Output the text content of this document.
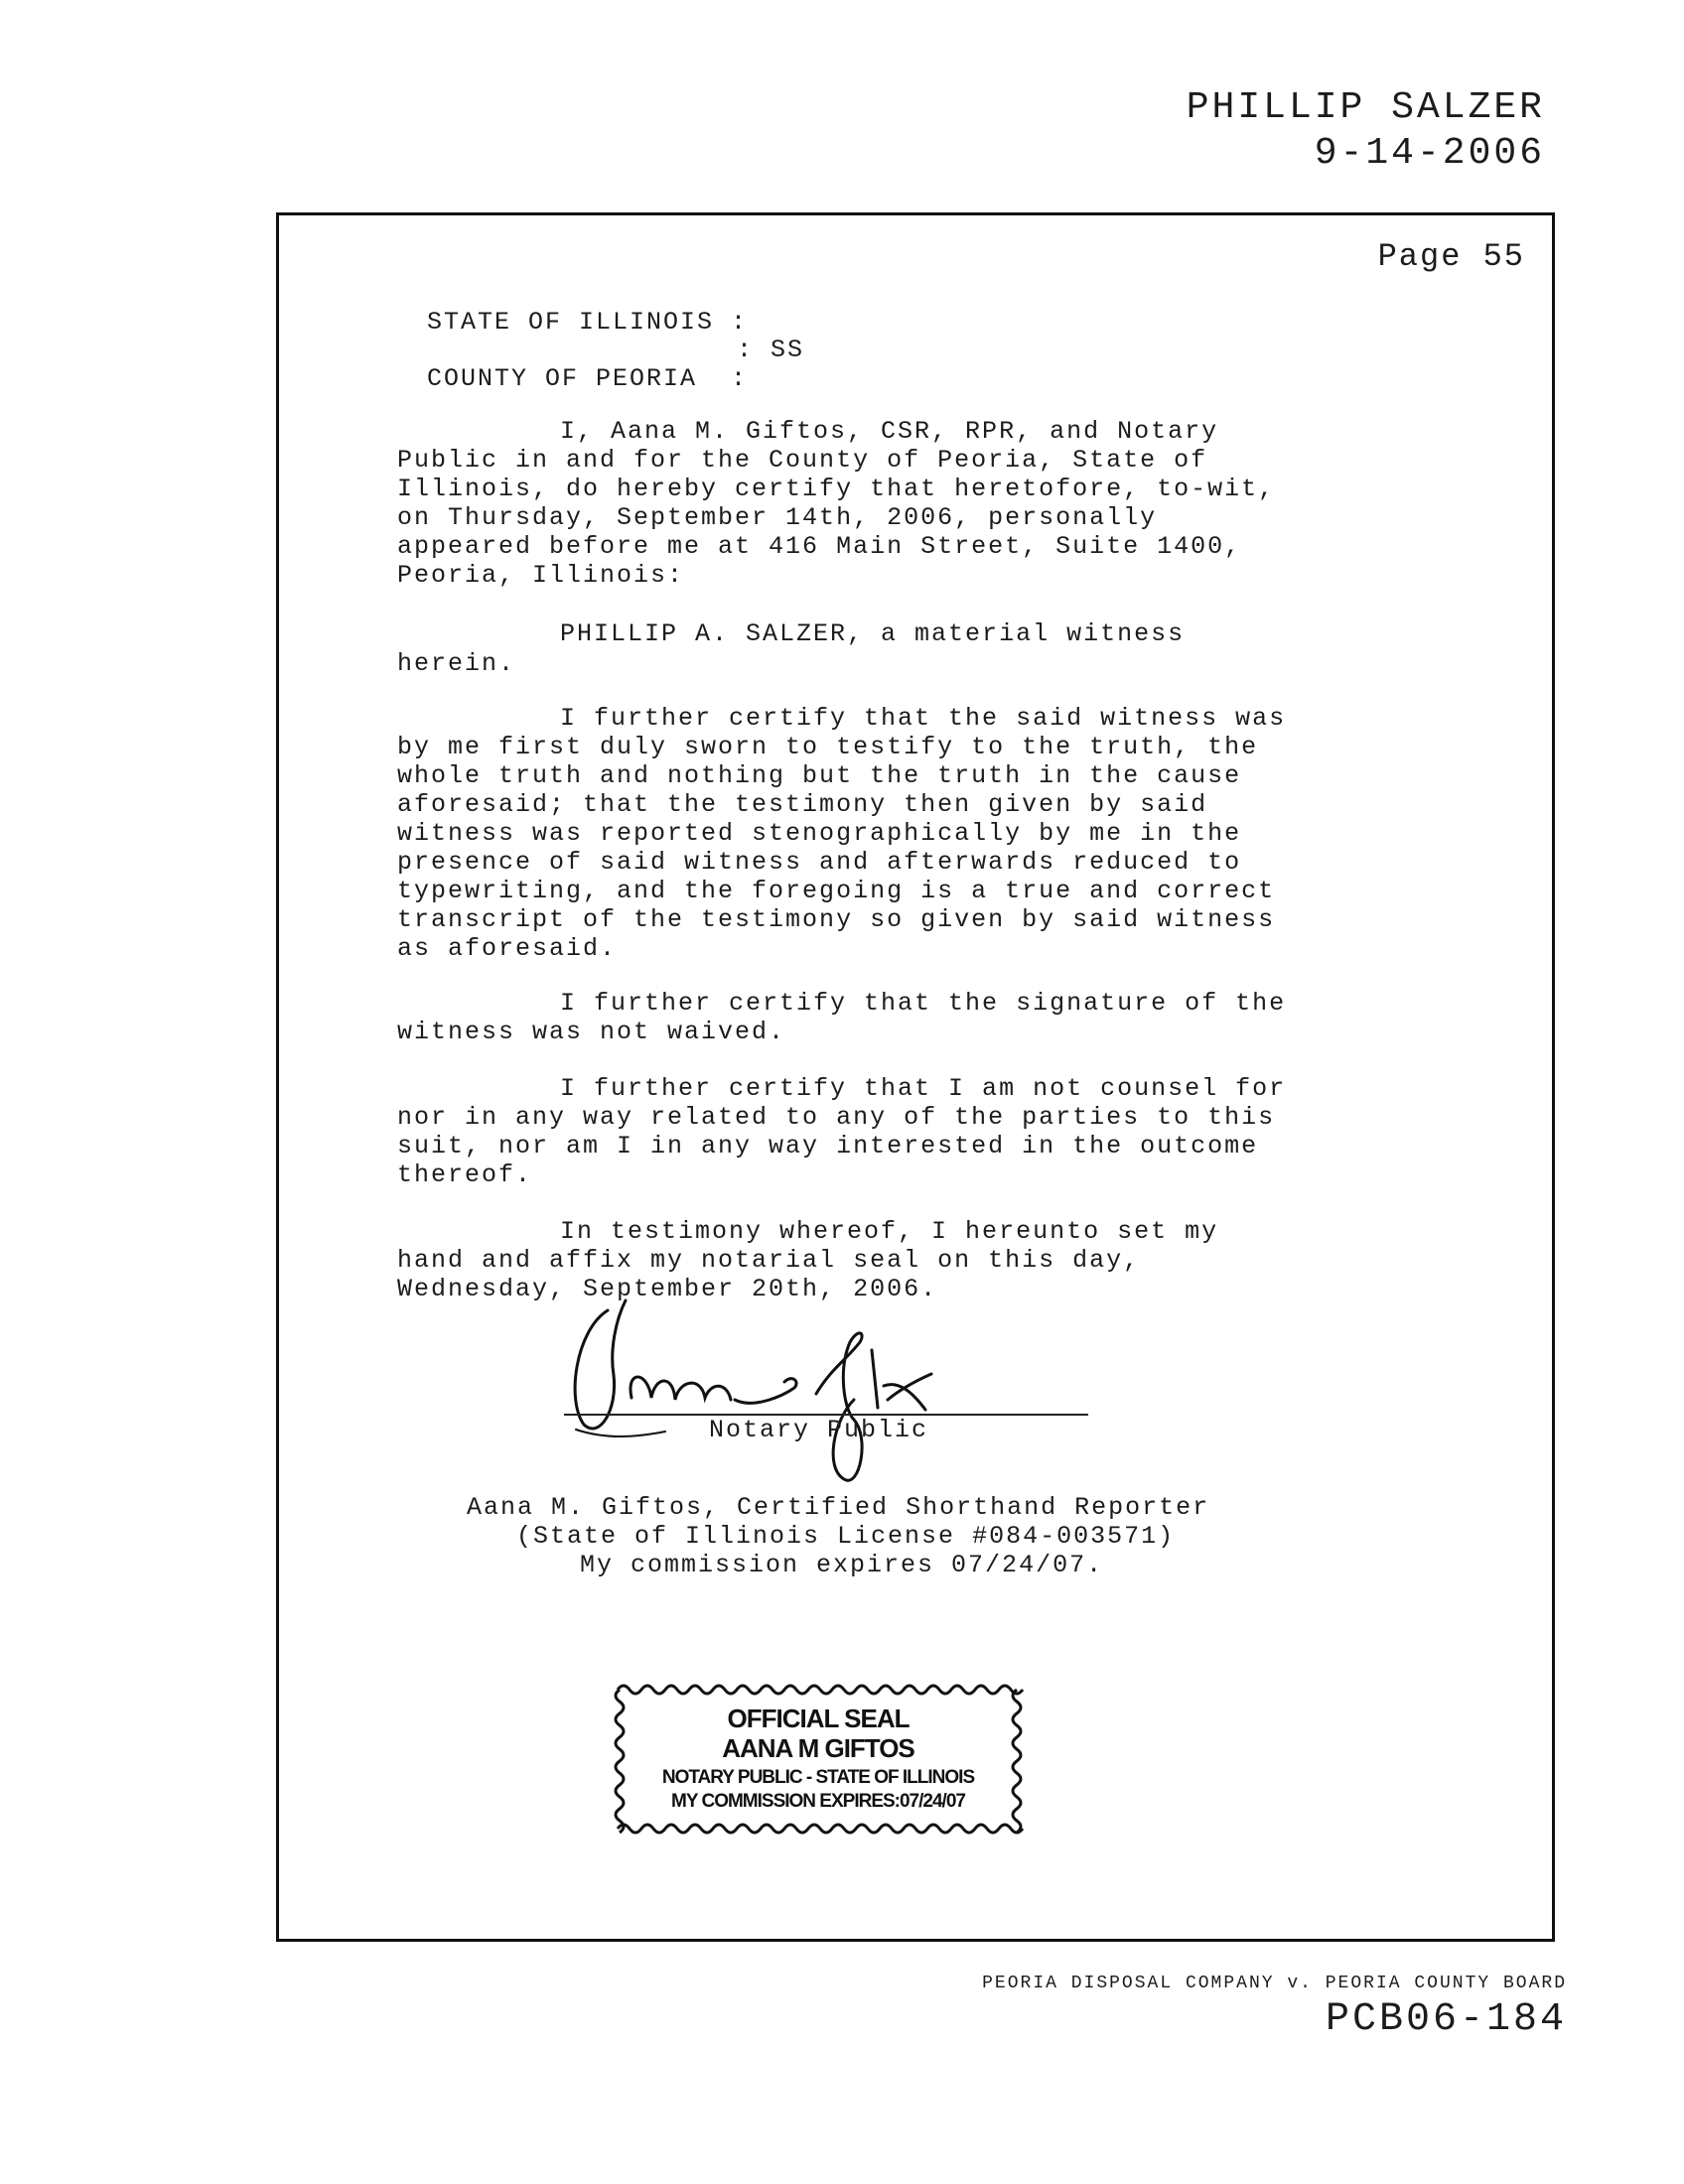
PHILLIP SALZER
9-14-2006
Page 55
STATE OF ILLINOIS :
: SS
COUNTY OF PEORIA  :
I, Aana M. Giftos, CSR, RPR, and Notary
Public in and for the County of Peoria, State of
Illinois, do hereby certify that heretofore, to-wit,
on Thursday, September 14th, 2006, personally
appeared before me at 416 Main Street, Suite 1400,
Peoria, Illinois:
PHILLIP A. SALZER, a material witness
herein.
I further certify that the said witness was
by me first duly sworn to testify to the truth, the
whole truth and nothing but the truth in the cause
aforesaid; that the testimony then given by said
witness was reported stenographically by me in the
presence of said witness and afterwards reduced to
typewriting, and the foregoing is a true and correct
transcript of the testimony so given by said witness
as aforesaid.
I further certify that the signature of the
witness was not waived.
I further certify that I am not counsel for
nor in any way related to any of the parties to this
suit, nor am I in any way interested in the outcome
thereof.
In testimony whereof, I hereunto set my
hand and affix my notarial seal on this day,
Wednesday, September 20th, 2006.
Notary Public
Aana M. Giftos, Certified Shorthand Reporter
(State of Illinois License #084-003571)
My commission expires 07/24/07.
OFFICIAL SEAL
AANA M GIFTOS
NOTARY PUBLIC - STATE OF ILLINOIS
MY COMMISSION EXPIRES:07/24/07
PEORIA DISPOSAL COMPANY v. PEORIA COUNTY BOARD
PCB06-184
